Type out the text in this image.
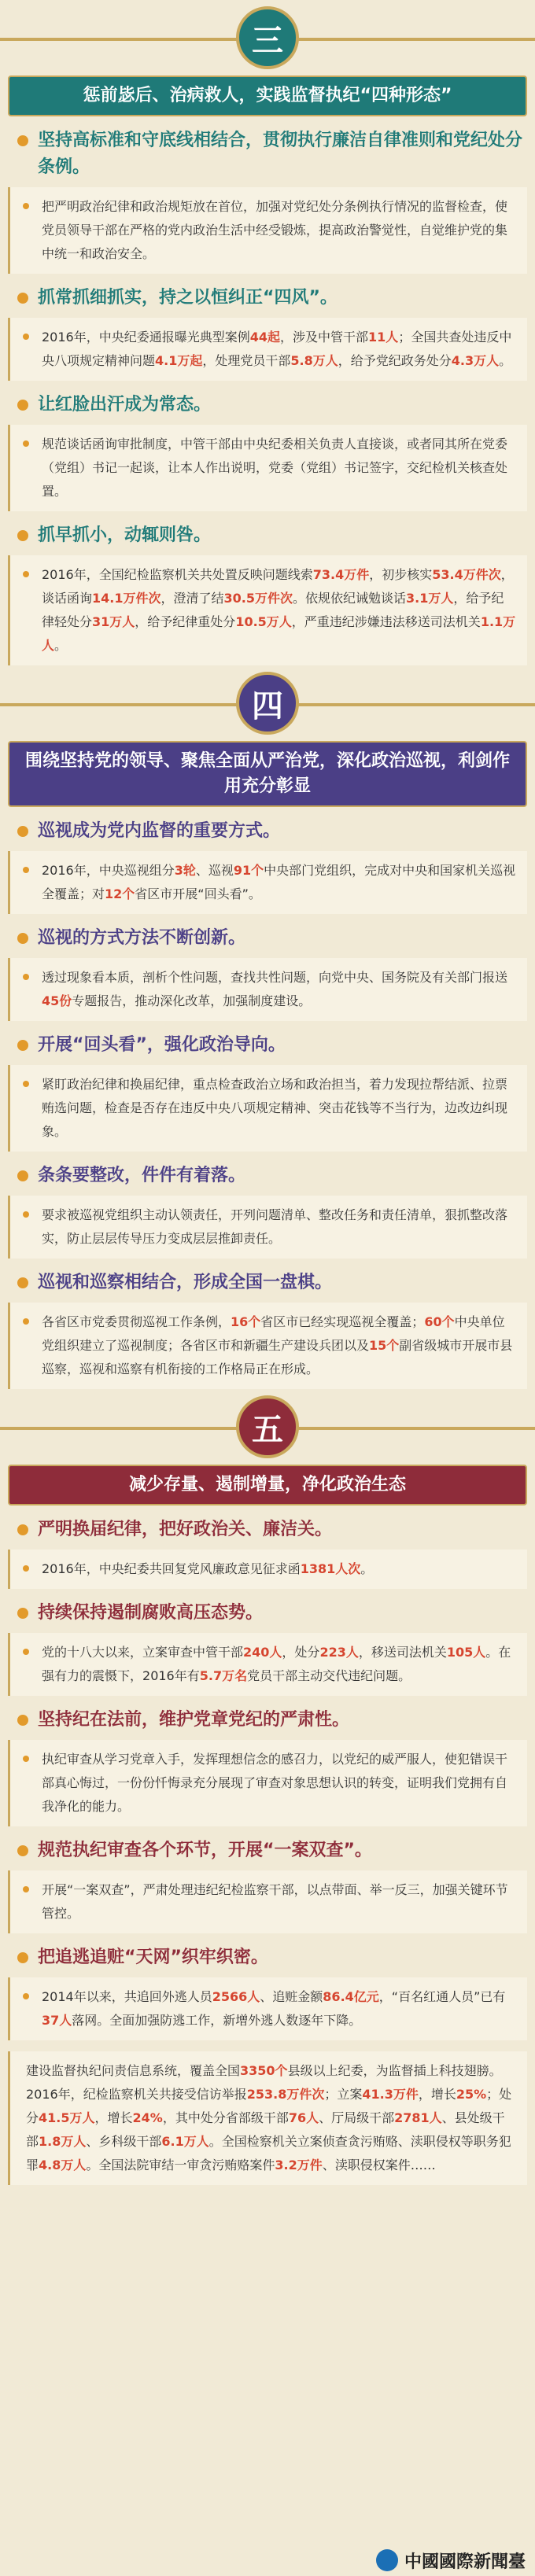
三
惩前毖后、治病救人，实践监督执纪“四种形态”
坚持高标准和守底线相结合，贯彻执行廉洁自律准则和党纪处分条例。
把严明政治纪律和政治规矩放在首位，加强对党纪处分条例执行情况的监督检查，使党员领导干部在严格的党内政治生活中经受锻炼，提高政治警觉性，自觉维护党的集中统一和政治安全。
抓常抓细抓实，持之以恒纠正“四风”。
2016年，中央纪委通报曝光典型案例44起，涉及中管干部11人；全国共查处违反中央八项规定精神问题4.1万起，处理党员干部5.8万人，给予党纪政务处分4.3万人。
让红脸出汗成为常态。
规范谈话函询审批制度，中管干部由中央纪委相关负责人直接谈，或者同其所在党委（党组）书记一起谈，让本人作出说明，党委（党组）书记签字，交纪检机关核查处置。
抓早抓小，动辄则咎。
2016年，全国纪检监察机关共处置反映问题线索73.4万件，初步核实53.4万件次，谈话函询14.1万件次，澄清了结30.5万件次。依规依纪诫勉谈话3.1万人，给予纪律轻处分31万人，给予纪律重处分10.5万人，严重违纪涉嫌违法移送司法机关1.1万人。
四
围绕坚持党的领导、聚焦全面从严治党，深化政治巡视，利剑作用充分彰显
巡视成为党内监督的重要方式。
2016年，中央巡视组分3轮、巡视91个中央部门党组织，完成对中央和国家机关巡视全覆盖；对12个省区市开展“回头看”。
巡视的方式方法不断创新。
透过现象看本质，剖析个性问题，查找共性问题，向党中央、国务院及有关部门报送45份专题报告，推动深化改革，加强制度建设。
开展“回头看”，强化政治导向。
紧盯政治纪律和换届纪律，重点检查政治立场和政治担当，着力发现拉帮结派、拉票贿选问题，检查是否存在违反中央八项规定精神、突击花钱等不当行为，边改边纠现象。
条条要整改，件件有着落。
要求被巡视党组织主动认领责任，开列问题清单、整改任务和责任清单，狠抓整改落实，防止层层传导压力变成层层推卸责任。
巡视和巡察相结合，形成全国一盘棋。
各省区市党委贯彻巡视工作条例，16个省区市已经实现巡视全覆盖；60个中央单位党组织建立了巡视制度；各省区市和新疆生产建设兵团以及15个副省级城市开展市县巡察，巡视和巡察有机衔接的工作格局正在形成。
五
减少存量、遏制增量，净化政治生态
严明换届纪律，把好政治关、廉洁关。
2016年，中央纪委共回复党风廉政意见征求函1381人次。
持续保持遏制腐败高压态势。
党的十八大以来，立案审查中管干部240人，处分223人，移送司法机关105人。在强有力的震慑下，2016年有5.7万名党员干部主动交代违纪问题。
坚持纪在法前，维护党章党纪的严肃性。
执纪审查从学习党章入手，发挥理想信念的感召力，以党纪的威严服人，使犯错误干部真心悔过，一份份忏悔录充分展现了审查对象思想认识的转变，证明我们党拥有自我净化的能力。
规范执纪审查各个环节，开展“一案双查”。
开展“一案双查”，严肃处理违纪纪检监察干部，以点带面、举一反三，加强关键环节管控。
把追逃追赃“天网”织牢织密。
2014年以来，共追回外逃人员2566人、追赃金额86.4亿元，“百名红通人员”已有37人落网。全面加强防逃工作，新增外逃人数逐年下降。
建设监督执纪问责信息系统，覆盖全国3350个县级以上纪委，为监督插上科技翅膀。2016年，纪检监察机关共接受信访举报253.8万件次；立案41.3万件，增长25%；处分41.5万人，增长24%，其中处分省部级干部76人、厅局级干部2781人、县处级干部1.8万人、乡科级干部6.1万人。全国检察机关立案侦查贪污贿赂、渎职侵权等职务犯罪4.8万人。全国法院审结一审贪污贿赂案件3.2万件、渎职侵权案件……
中國國際新聞臺
